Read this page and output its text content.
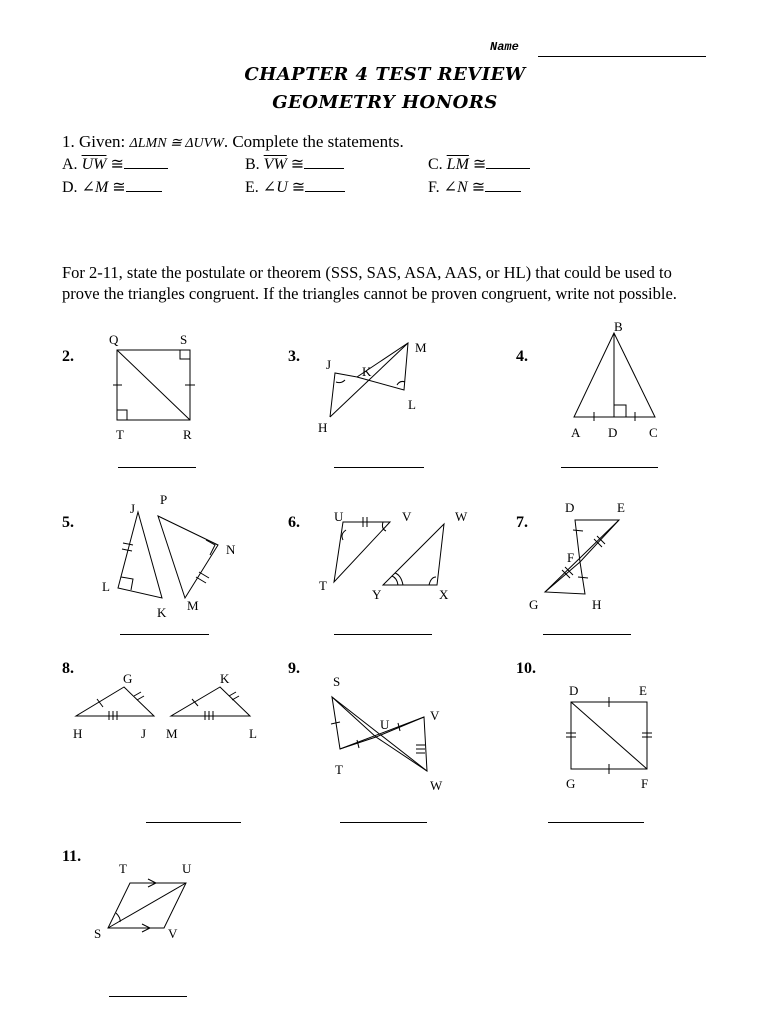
Name
CHAPTER 4 TEST REVIEW
GEOMETRY HONORS
1. Given: ΔLMN ≅ ΔUVW. Complete the statements.
A. $\overline{UW}$ ≅	B. $\overline{VW}$ ≅	C. $\overline{LM}$ ≅
D. ∠M ≅	E. ∠U ≅	F. ∠N ≅
For 2-11, state the postulate or theorem (SSS, SAS, ASA, AAS, or HL) that could be used to prove the triangles congruent. If the triangles cannot be proven congruent, write not possible.
2.	3.	4.
5.	6.	7.
8.	9.	10.
11.
Q	S
T	R
M
J K
L
H
B
A D C
P
J
N
L
K M
U	V	W
T
Y	X
D	E
F
G	H
G	K
H	J M	L
S
V
U
T
W
D	E
G	F
T	U
S	V
